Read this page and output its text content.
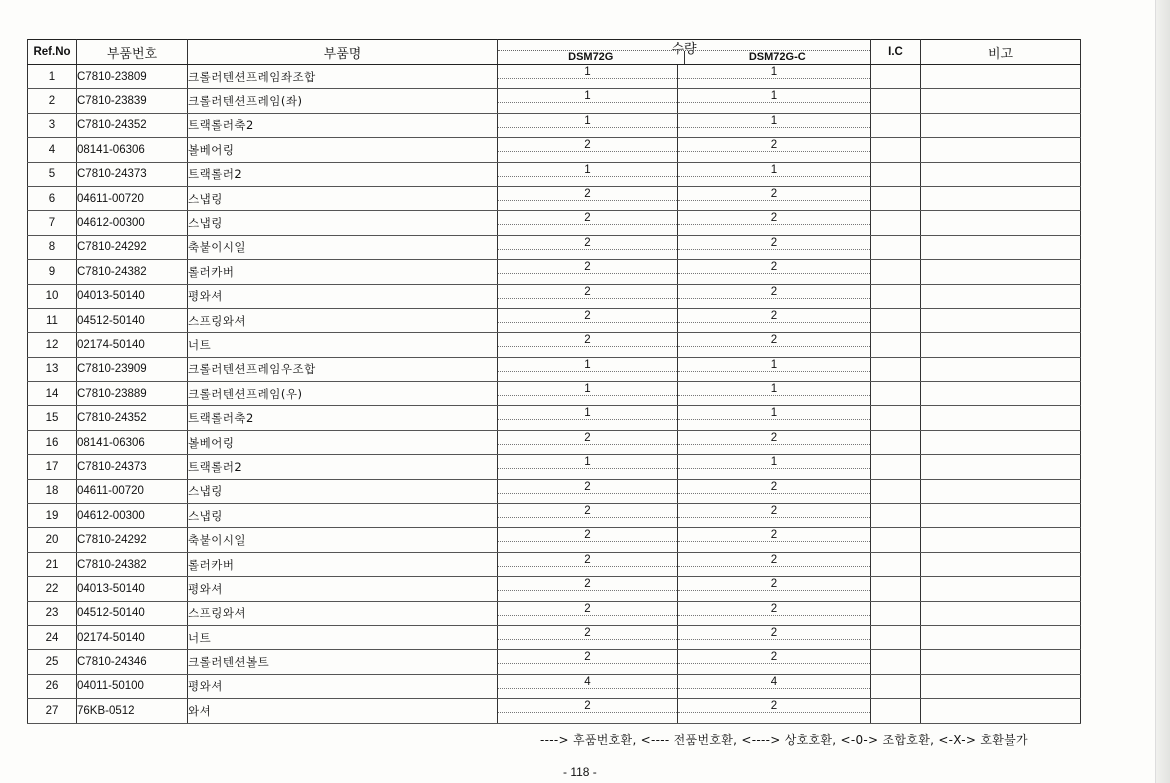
Ref.No	부품번호	부품명	수량
DSM72G DSM72G-C		I.C	비고
1	C7810-23809	크롤러텐션프레임좌조합	1	1		

2	C7810-23839	크롤러텐션프레임(좌)	1	1		

3	C7810-24352	트랙롤러축2	1	1		

4	08141-06306	볼베어링	2	2		

5	C7810-24373	트랙롤러2	1	1		

6	04611-00720	스냅링	2	2		

7	04612-00300	스냅링	2	2		

8	C7810-24292	축붙이시일	2	2		

9	C7810-24382	롤러카버	2	2		

10	04013-50140	평와셔	2	2		

11	04512-50140	스프링와셔	2	2		

12	02174-50140	너트	2	2		

13	C7810-23909	크롤러텐션프레임우조합	1	1		

14	C7810-23889	크롤러텐션프레임(우)	1	1		

15	C7810-24352	트랙롤러축2	1	1		

16	08141-06306	볼베어링	2	2		

17	C7810-24373	트랙롤러2	1	1		

18	04611-00720	스냅링	2	2		

19	04612-00300	스냅링	2	2		

20	C7810-24292	축붙이시일	2	2		

21	C7810-24382	롤러카버	2	2		

22	04013-50140	평와셔	2	2		

23	04512-50140	스프링와셔	2	2		

24	02174-50140	너트	2	2		

25	C7810-24346	크롤러텐션볼트	2	2		

26	04011-50100	평와셔	4	4		

27	76KB-0512	와셔	2	2		

----> 후품번호환, <---- 전품번호환, <----> 상호호환, <-0-> 조합호환, <-X-> 호환불가
- 118 -
